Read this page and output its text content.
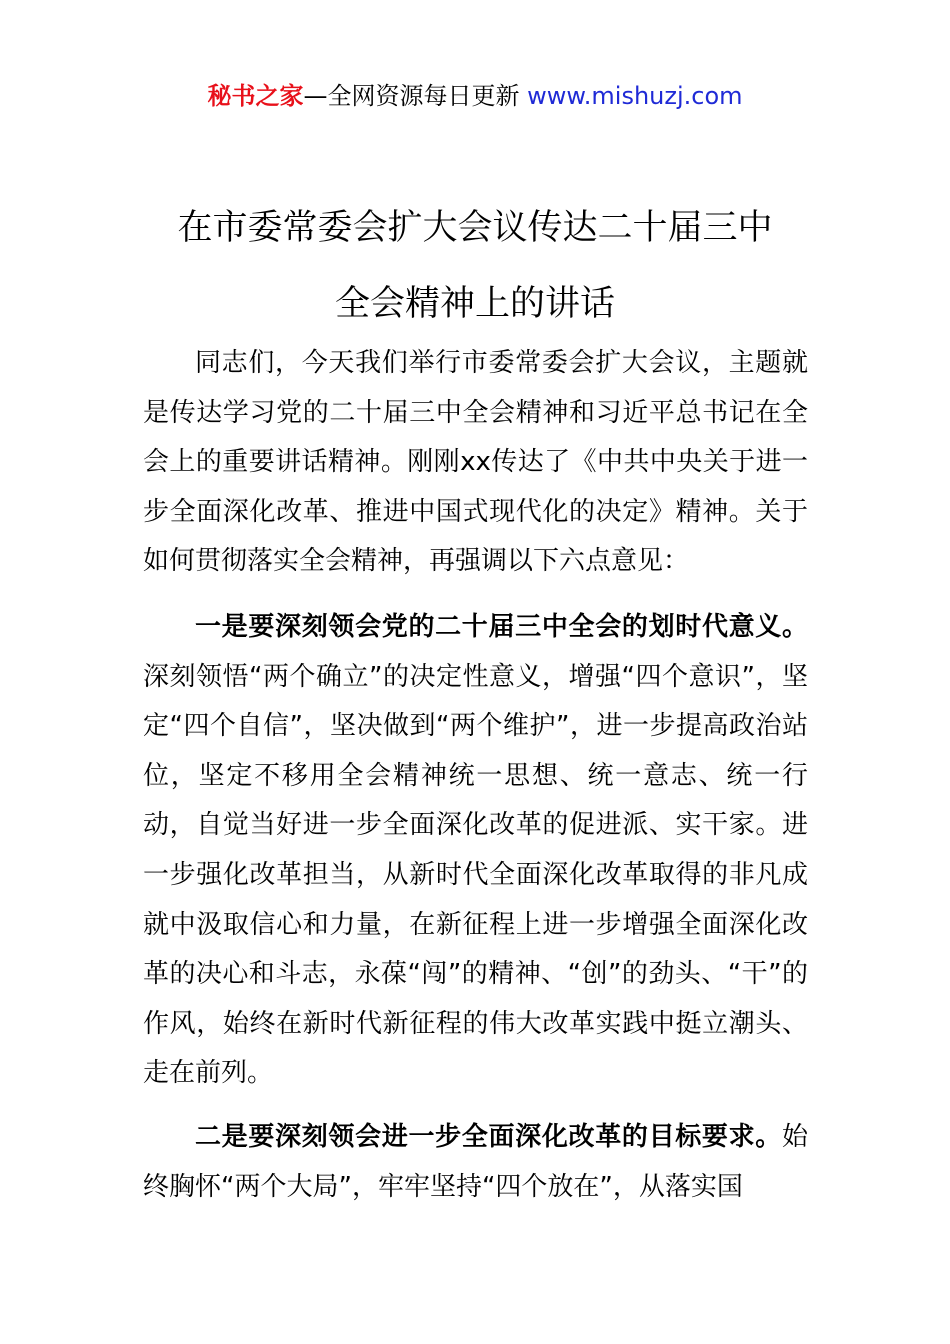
秘书之家—全网资源每日更新 www.mishuzj.com
在市委常委会扩大会议传达二十届三中
全会精神上的讲话

同志们，今天我们举行市委常委会扩大会议，主题就是传达学习党的二十届三中全会精神和习近平总书记在全会上的重要讲话精神。刚刚xx传达了《中共中央关于进一步全面深化改革、推进中国式现代化的决定》精神。关于如何贯彻落实全会精神，再强调以下六点意见：

一是要深刻领会党的二十届三中全会的划时代意义。深刻领悟“两个确立”的决定性意义，增强“四个意识”，坚定“四个自信”，坚决做到“两个维护”，进一步提高政治站位，坚定不移用全会精神统一思想、统一意志、统一行动，自觉当好进一步全面深化改革的促进派、实干家。进一步强化改革担当，从新时代全面深化改革取得的非凡成就中汲取信心和力量，在新征程上进一步增强全面深化改革的决心和斗志，永葆“闯”的精神、“创”的劲头、“干”的作风，始终在新时代新征程的伟大改革实践中挺立潮头、走在前列。

二是要深刻领会进一步全面深化改革的目标要求。始终胸怀“两个大局”，牢牢坚持“四个放在”，从落实国
